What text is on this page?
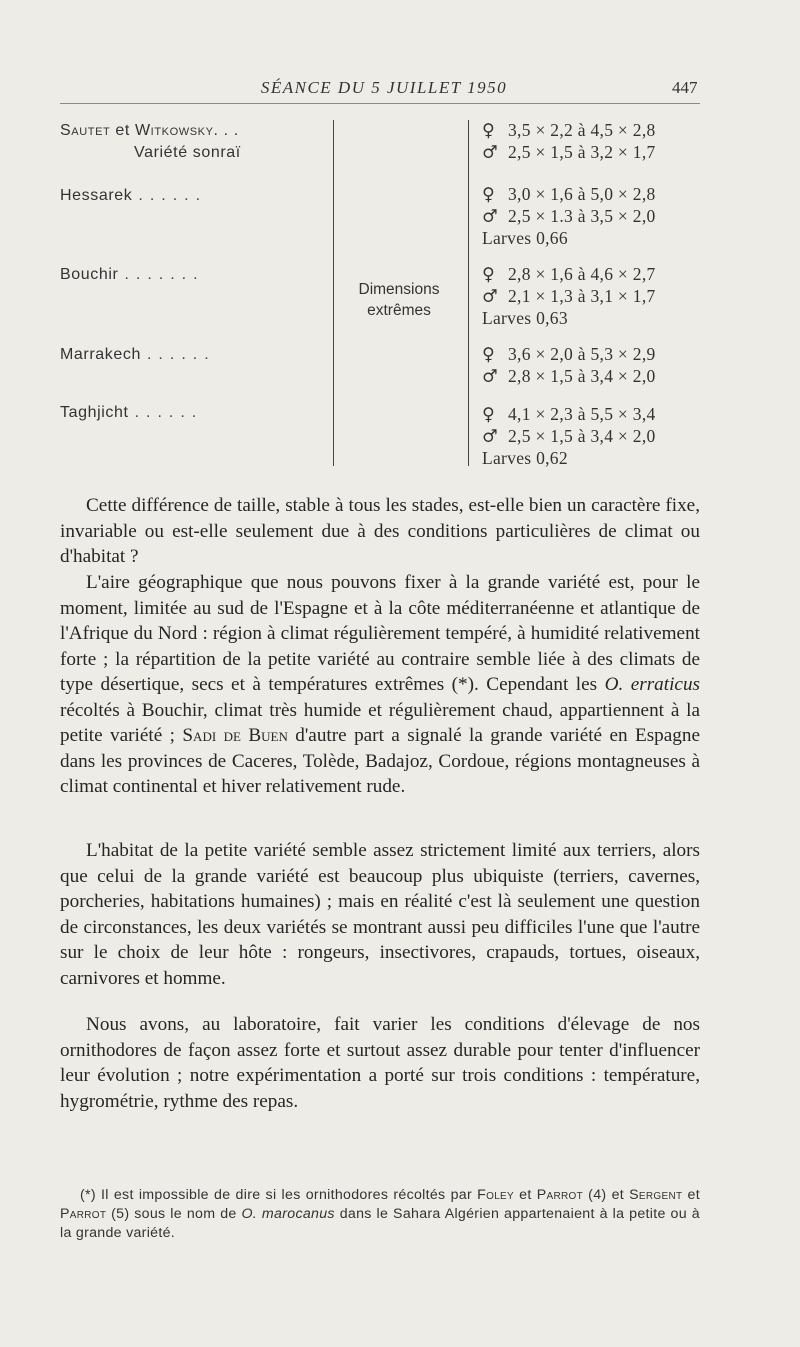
SÉANCE DU 5 JUILLET 1950	447
Sautet et Witkowsky. . .
Variété sonraï
Hessarek ......
Bouchir .......
Marrakech ......
Taghjicht ......
Dimensions
extrêmes
♀ 3,5 × 2,2 à 4,5 × 2,8
♂ 2,5 × 1,5 à 3,2 × 1,7
♀ 3,0 × 1,6 à 5,0 × 2,8
♂ 2,5 × 1.3 à 3,5 × 2,0
Larves 0,66
♀ 2,8 × 1,6 à 4,6 × 2,7
♂ 2,1 × 1,3 à 3,1 × 1,7
Larves 0,63
♀ 3,6 × 2,0 à 5,3 × 2,9
♂ 2,8 × 1,5 à 3,4 × 2,0
♀ 4,1 × 2,3 à 5,5 × 3,4
♂ 2,5 × 1,5 à 3,4 × 2,0
Larves 0,62

Cette différence de taille, stable à tous les stades, est-elle bien un caractère fixe, invariable ou est-elle seulement due à des conditions particulières de climat ou d'habitat ?

L'aire géographique que nous pouvons fixer à la grande variété est, pour le moment, limitée au sud de l'Espagne et à la côte méditerranéenne et atlantique de l'Afrique du Nord : région à climat régulièrement tempéré, à humidité relativement forte ; la répartition de la petite variété au contraire semble liée à des climats de type désertique, secs et à températures extrêmes (*). Cependant les O. erraticus récoltés à Bouchir, climat très humide et régulièrement chaud, appartiennent à la petite variété ; Sadi de Buen d'autre part a signalé la grande variété en Espagne dans les provinces de Caceres, Tolède, Badajoz, Cordoue, régions montagneuses à climat continental et hiver relativement rude.

L'habitat de la petite variété semble assez strictement limité aux terriers, alors que celui de la grande variété est beaucoup plus ubiquiste (terriers, cavernes, porcheries, habitations humaines) ; mais en réalité c'est là seulement une question de circonstances, les deux variétés se montrant aussi peu difficiles l'une que l'autre sur le choix de leur hôte : rongeurs, insectivores, crapauds, tortues, oiseaux, carnivores et homme.

Nous avons, au laboratoire, fait varier les conditions d'élevage de nos ornithodores de façon assez forte et surtout assez durable pour tenter d'influencer leur évolution ; notre expérimentation a porté sur trois conditions : température, hygrométrie, rythme des repas.

(*) Il est impossible de dire si les ornithodores récoltés par Foley et Parrot (4) et Sergent et Parrot (5) sous le nom de O. marocanus dans le Sahara Algérien appartenaient à la petite ou à la grande variété.
